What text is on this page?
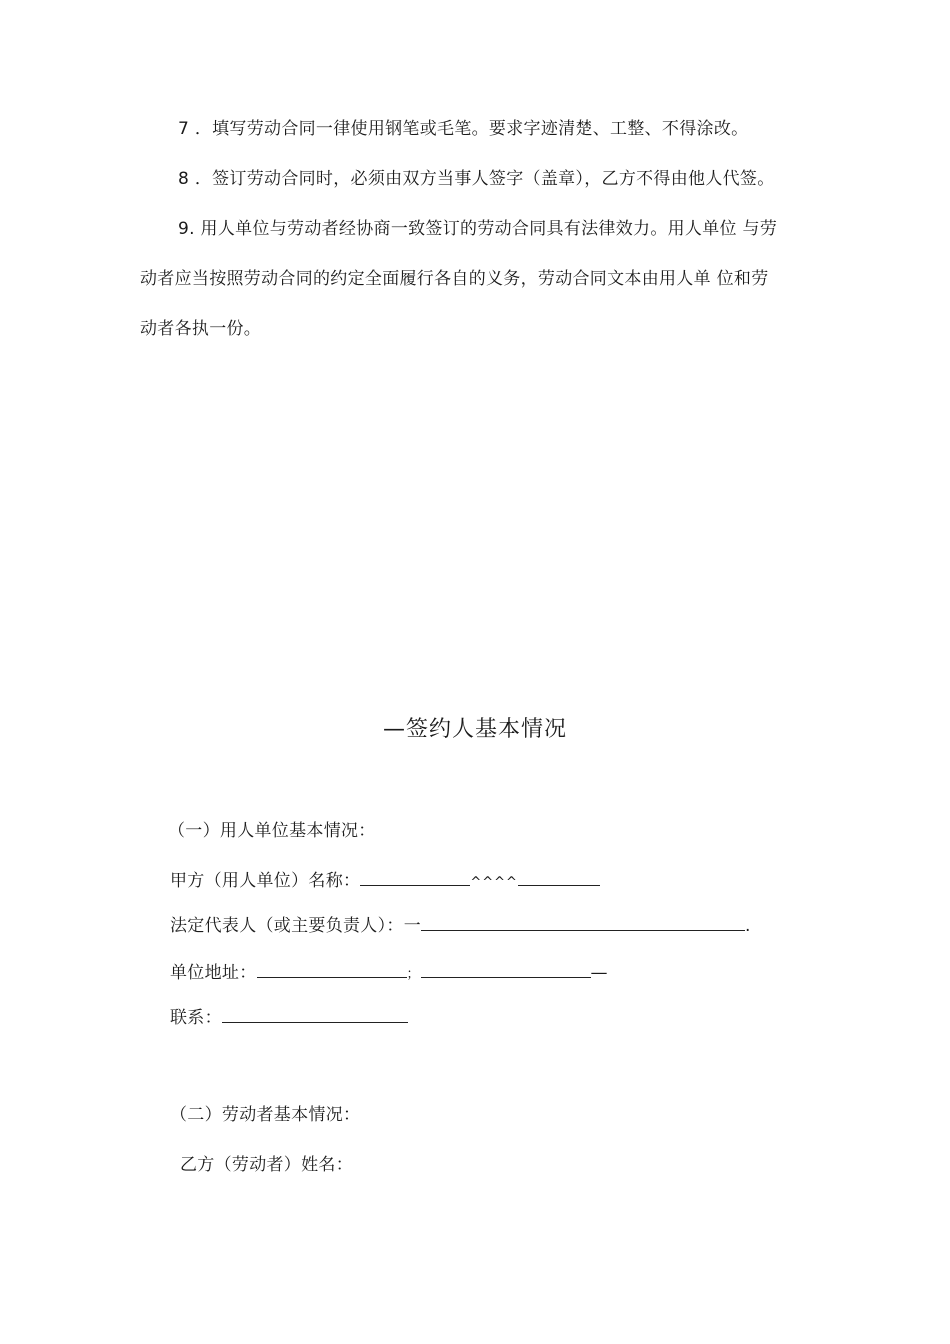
7 ．填写劳动合同一律使用钢笔或毛笔。要求字迹清楚、工整、不得涂改。
8 ．签订劳动合同时，必须由双方当事人签字（盖章），乙方不得由他人代签。
9. 用人单位与劳动者经协商一致签订的劳动合同具有法律效力。用人单位 与劳
动者应当按照劳动合同的约定全面履行各自的义务，劳动合同文本由用人单 位和劳
动者各执一份。
—签约人基本情况
（一）用人单位基本情况：
甲方（用人单位）名称：	^^^^
法定代表人（或主要负责人）：一	.
单位地址：	；	—
联系：
（二）劳动者基本情况：
乙方（劳动者）姓名：
